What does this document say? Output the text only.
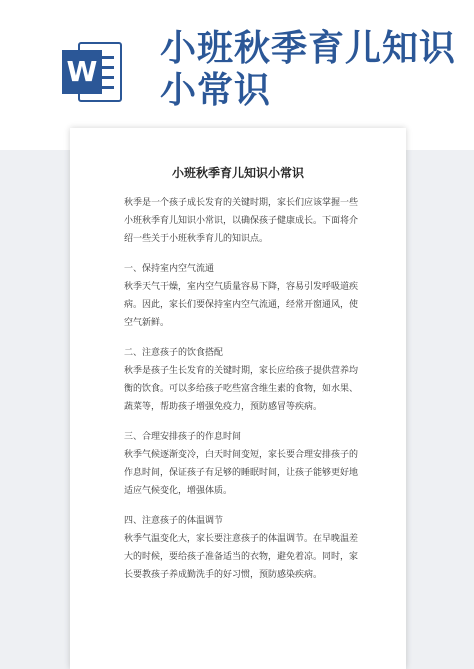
W
小班秋季育儿知识小常识
小班秋季育儿知识小常识

秋季是一个孩子成长发育的关键时期，家长们应该掌握一些小班秋季育儿知识小常识，以确保孩子健康成长。下面将介绍一些关于小班秋季育儿的知识点。

一、保持室内空气流通

秋季天气干燥，室内空气质量容易下降，容易引发呼吸道疾病。因此，家长们要保持室内空气流通，经常开窗通风，使空气新鲜。

二、注意孩子的饮食搭配

秋季是孩子生长发育的关键时期，家长应给孩子提供营养均衡的饮食。可以多给孩子吃些富含维生素的食物，如水果、蔬菜等，帮助孩子增强免疫力，预防感冒等疾病。

三、合理安排孩子的作息时间

秋季气候逐渐变冷，白天时间变短，家长要合理安排孩子的作息时间，保证孩子有足够的睡眠时间，让孩子能够更好地适应气候变化，增强体质。

四、注意孩子的体温调节

秋季气温变化大，家长要注意孩子的体温调节。在早晚温差大的时候，要给孩子准备适当的衣物，避免着凉。同时，家长要教孩子养成勤洗手的好习惯，预防感染疾病。
